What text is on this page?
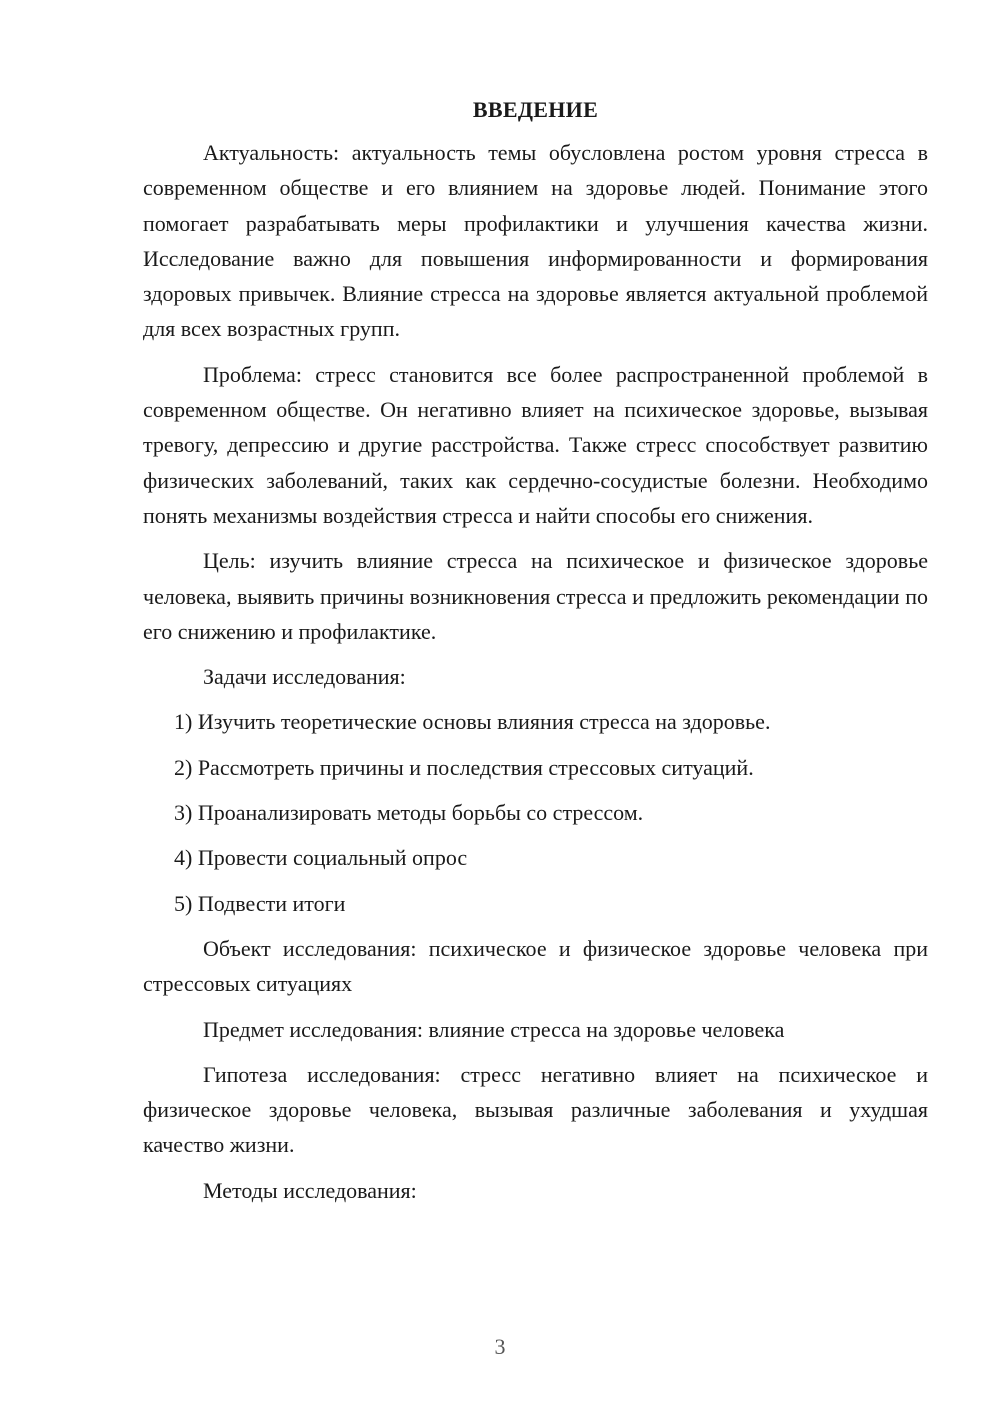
ВВЕДЕНИЕ

Актуальность: актуальность темы обусловлена ростом уровня стресса в современном обществе и его влиянием на здоровье людей. Понимание этого помогает разрабатывать меры профилактики и улучшения качества жизни. Исследование важно для повышения информированности и формирования здоровых привычек. Влияние стресса на здоровье является актуальной проблемой для всех возрастных групп.

Проблема: стресс становится все более распространенной проблемой в современном обществе. Он негативно влияет на психическое здоровье, вызывая тревогу, депрессию и другие расстройства. Также стресс способствует развитию физических заболеваний, таких как сердечно-сосудистые болезни. Необходимо понять механизмы воздействия стресса и найти способы его снижения.

Цель: изучить влияние стресса на психическое и физическое здоровье человека, выявить причины возникновения стресса и предложить рекомендации по его снижению и профилактике.

Задачи исследования:

1) Изучить теоретические основы влияния стресса на здоровье.
2) Рассмотреть причины и последствия стрессовых ситуаций.
3) Проанализировать методы борьбы со стрессом.
4) Провести социальный опрос
5) Подвести итоги

Объект исследования: психическое и физическое здоровье человека при стрессовых ситуациях

Предмет исследования: влияние стресса на здоровье человека

Гипотеза исследования: стресс негативно влияет на психическое и физическое здоровье человека, вызывая различные заболевания и ухудшая качество жизни.

Методы исследования:

3
